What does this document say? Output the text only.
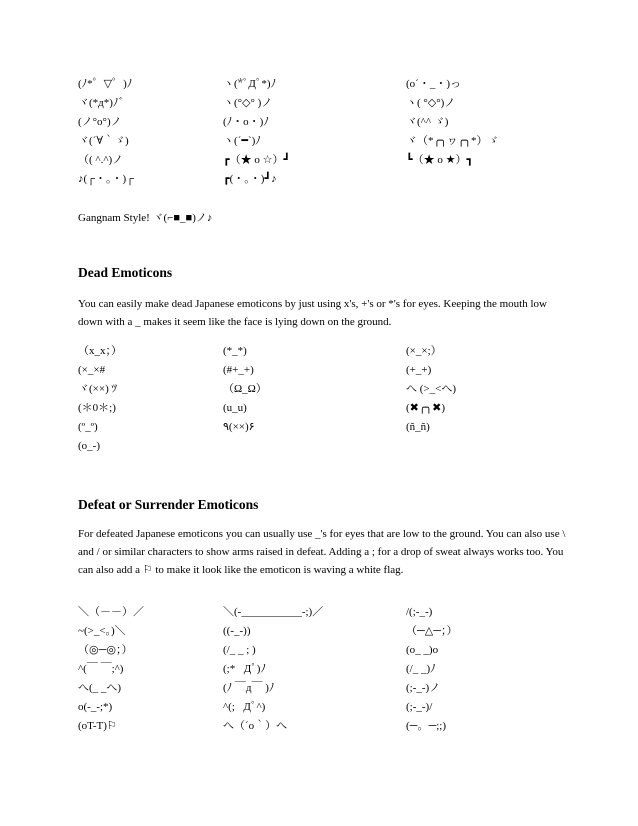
(ﾉ*゜▽゜)ﾉ	ヽ(*ﾟДﾟ*)ﾉ	(o´・_・)っ
ヾ(*д*)ﾉ゛	ヽ(°◇° )ノ	ヽ( °◇°)ノ
(ノ°ο°)ノ	(ﾉ・o・)ﾉ	ヾ(^^ ゞ)
ヾ(´∀｀ゞ)	ヽ(´━`)ﾉ	ヾ（*╭╮ヮ╭╮*）ゞ
（( ^.^)ノ	┏（★ o ☆）┛	┗（★ o ★）┓
♪(┌・。・)┌	┏(・。・)┛♪
Gangnam Style! ヾ(⌐■_■)ノ♪
Dead Emoticons

You can easily make dead Japanese emoticons by just using x's, +'s or *'s for eyes. Keeping the mouth low down with a _ makes it seem like the face is lying down on the ground.

（x_x；）	(*_*)	(×_×;）
(×_×#	(#+_+)	(+_+)
ヾ(××) ﾂ	（Ω_Ω）	へ (>_<へ)
(＊0＊;)	(u_u)	(✖╭╮✖)
(º_º)	٩(××)۶	(ñ_ñ)
(o_-)
Defeat or Surrender Emoticons

For defeated Japanese emoticons you can usually use _'s for eyes that are low to the ground. You can also use \ and / or similar characters to show arms raised in defeat. Adding a ; for a drop of sweat always works too. You can also add a ⚐ to make it look like the emoticon is waving a white flag.

＼（－－）／	＼(-___________-;)／	/(;-_-)
~(>_<。)＼	((-_-))	（─△─；）
（◎─◎；）	(/_ _ ; )	(o_ _)o
^(￣ ￣;^)	(;*ﾟДﾟ)ﾉ	(/_ _)ﾉ
へ(_ _へ)	(ﾉ ￣д￣ )ﾉ	(;-_-)ノ
o(-_-;*)	^(;ﾟДﾟ^)	(;-_-)/
(oT-T)⚐	へ（´o｀）へ	(─。─;;)
